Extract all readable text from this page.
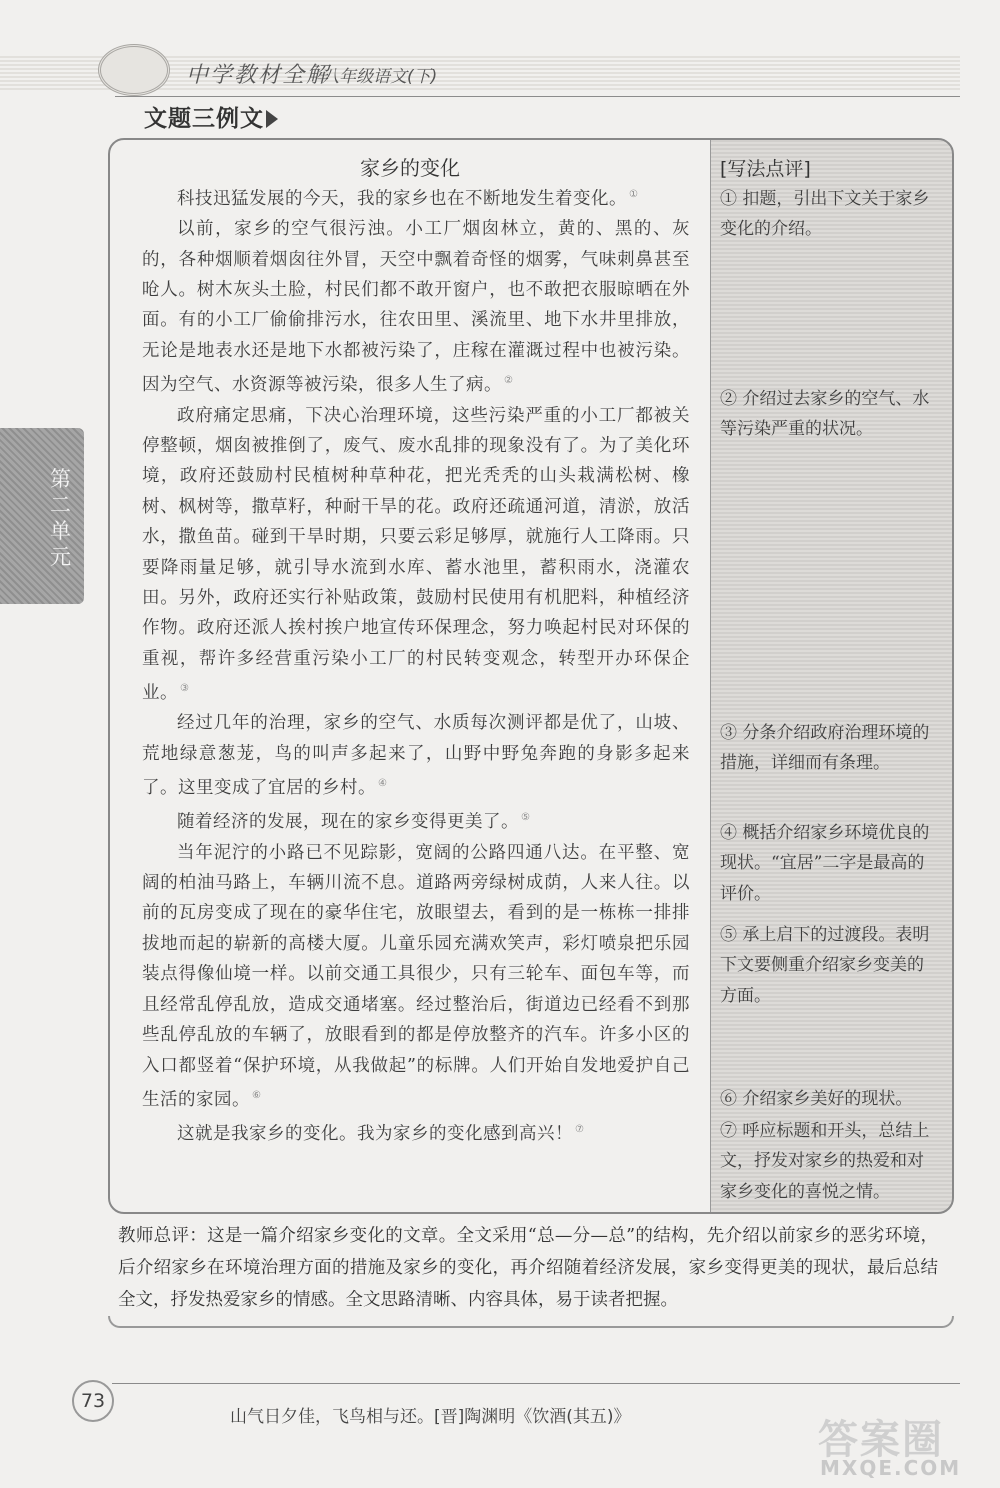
中学教材全解
八年级语文(下)
文题三例文
第二单元
家乡的变化

科技迅猛发展的今天，我的家乡也在不断地发生着变化。 ①

以前，家乡的空气很污浊。小工厂烟囱林立，黄的、黑的、灰的，各种烟顺着烟囱往外冒，天空中飘着奇怪的烟雾，气味刺鼻甚至呛人。树木灰头土脸，村民们都不敢开窗户，也不敢把衣服晾晒在外面。有的小工厂偷偷排污水，往农田里、溪流里、地下水井里排放，无论是地表水还是地下水都被污染了，庄稼在灌溉过程中也被污染。因为空气、水资源等被污染，很多人生了病。 ②

政府痛定思痛，下决心治理环境，这些污染严重的小工厂都被关停整顿，烟囱被推倒了，废气、废水乱排的现象没有了。为了美化环境，政府还鼓励村民植树种草种花，把光秃秃的山头栽满松树、橡树、枫树等，撒草籽，种耐干旱的花。政府还疏通河道，清淤，放活水，撒鱼苗。碰到干旱时期，只要云彩足够厚，就施行人工降雨。只要降雨量足够，就引导水流到水库、蓄水池里，蓄积雨水，浇灌农田。另外，政府还实行补贴政策，鼓励村民使用有机肥料，种植经济作物。政府还派人挨村挨户地宣传环保理念，努力唤起村民对环保的重视，帮许多经营重污染小工厂的村民转变观念，转型开办环保企业。 ③

经过几年的治理，家乡的空气、水质每次测评都是优了，山坡、荒地绿意葱茏，鸟的叫声多起来了，山野中野兔奔跑的身影多起来了。这里变成了宜居的乡村。 ④

随着经济的发展，现在的家乡变得更美了。 ⑤

当年泥泞的小路已不见踪影，宽阔的公路四通八达。在平整、宽阔的柏油马路上，车辆川流不息。道路两旁绿树成荫，人来人往。以前的瓦房变成了现在的豪华住宅，放眼望去，看到的是一栋栋一排排拔地而起的崭新的高楼大厦。儿童乐园充满欢笑声，彩灯喷泉把乐园装点得像仙境一样。以前交通工具很少，只有三轮车、面包车等，而且经常乱停乱放，造成交通堵塞。经过整治后，街道边已经看不到那些乱停乱放的车辆了，放眼看到的都是停放整齐的汽车。许多小区的入口都竖着“保护环境，从我做起”的标牌。人们开始自发地爱护自己生活的家园。 ⑥

这就是我家乡的变化。我为家乡的变化感到高兴！ ⑦

[写法点评]
① 扣题，引出下文关于家乡变化的介绍。
② 介绍过去家乡的空气、水等污染严重的状况。
③ 分条介绍政府治理环境的措施，详细而有条理。
④ 概括介绍家乡环境优良的现状。“宜居”二字是最高的评价。
⑤ 承上启下的过渡段。表明下文要侧重介绍家乡变美的方面。
⑥ 介绍家乡美好的现状。
⑦ 呼应标题和开头，总结上文，抒发对家乡的热爱和对家乡变化的喜悦之情。
教师总评：这是一篇介绍家乡变化的文章。全文采用“总—分—总”的结构，先介绍以前家乡的恶劣环境，后介绍家乡在环境治理方面的措施及家乡的变化，再介绍随着经济发展，家乡变得更美的现状，最后总结全文，抒发热爱家乡的情感。全文思路清晰、内容具体，易于读者把握。
73
山气日夕佳，飞鸟相与还。[晋]陶渊明《饮酒(其五)》	答案圈
MXQE.COM
